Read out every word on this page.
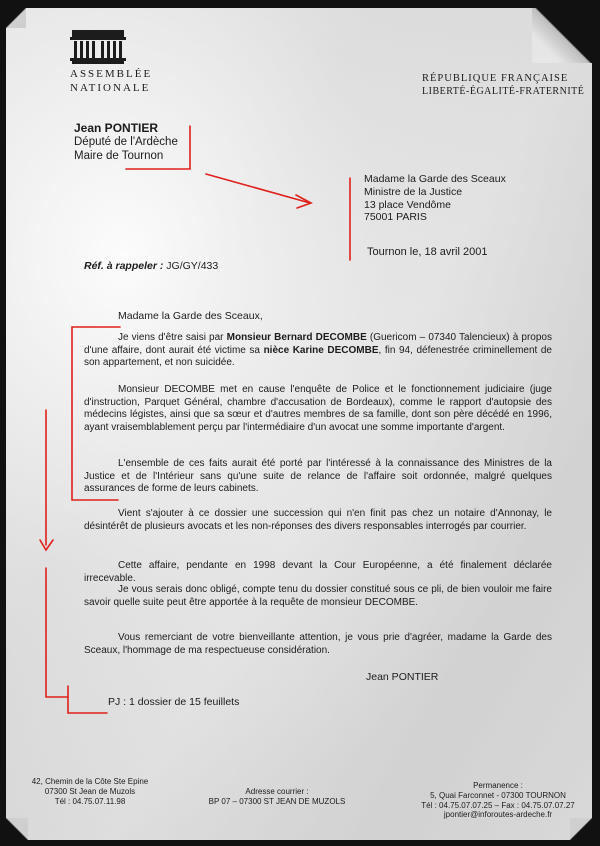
ASSEMBLÉE
NATIONALE
RÉPUBLIQUE FRANÇAISE
LIBERTÉ-ÉGALITÉ-FRATERNITÉ
Jean PONTIER
Député de l'Ardèche
Maire de Tournon
Madame la Garde des Sceaux
Ministre de la Justice
13 place Vendôme
75001 PARIS
Tournon le, 18 avril 2001
Réf. à rappeler : JG/GY/433
Madame la Garde des Sceaux,
Je viens d'être saisi par Monsieur Bernard DECOMBE (Guericom – 07340 Talencieux) à propos d'une affaire, dont aurait été victime sa nièce Karine DECOMBE, fin 94, défenestrée criminellement de son appartement, et non suicidée.
Monsieur DECOMBE met en cause l'enquête de Police et le fonctionnement judiciaire (juge d'instruction, Parquet Général, chambre d'accusation de Bordeaux), comme le rapport d'autopsie des médecins légistes, ainsi que sa sœur et d'autres membres de sa famille, dont son père décédé en 1996, ayant vraisemblablement perçu par l'intermédiaire d'un avocat une somme importante d'argent.
L'ensemble de ces faits aurait été porté par l'intéressé à la connaissance des Ministres de la Justice et de l'Intérieur sans qu'une suite de relance de l'affaire soit ordonnée, malgré quelques assurances de forme de leurs cabinets.
Vient s'ajouter à ce dossier une succession qui n'en finit pas chez un notaire d'Annonay, le désintérêt de plusieurs avocats et les non-réponses des divers responsables interrogés par courrier.
Cette affaire, pendante en 1998 devant la Cour Européenne, a été finalement déclarée irrecevable.
Je vous serais donc obligé, compte tenu du dossier constitué sous ce pli, de bien vouloir me faire savoir quelle suite peut être apportée à la requête de monsieur DECOMBE.
Vous remerciant de votre bienveillante attention, je vous prie d'agréer, madame la Garde des Sceaux, l'hommage de ma respectueuse considération.
Jean PONTIER
PJ : 1 dossier de 15 feuillets
42, Chemin de la Côte Ste Epine
07300 St Jean de Muzols
Tél : 04.75.07.11.98
Adresse courrier :
BP 07 – 07300 ST JEAN DE MUZOLS
Permanence :
5, Quai Farconnet - 07300 TOURNON
Tél : 04.75.07.07.25 – Fax : 04.75.07.07.27
jpontier@inforoutes-ardeche.fr
